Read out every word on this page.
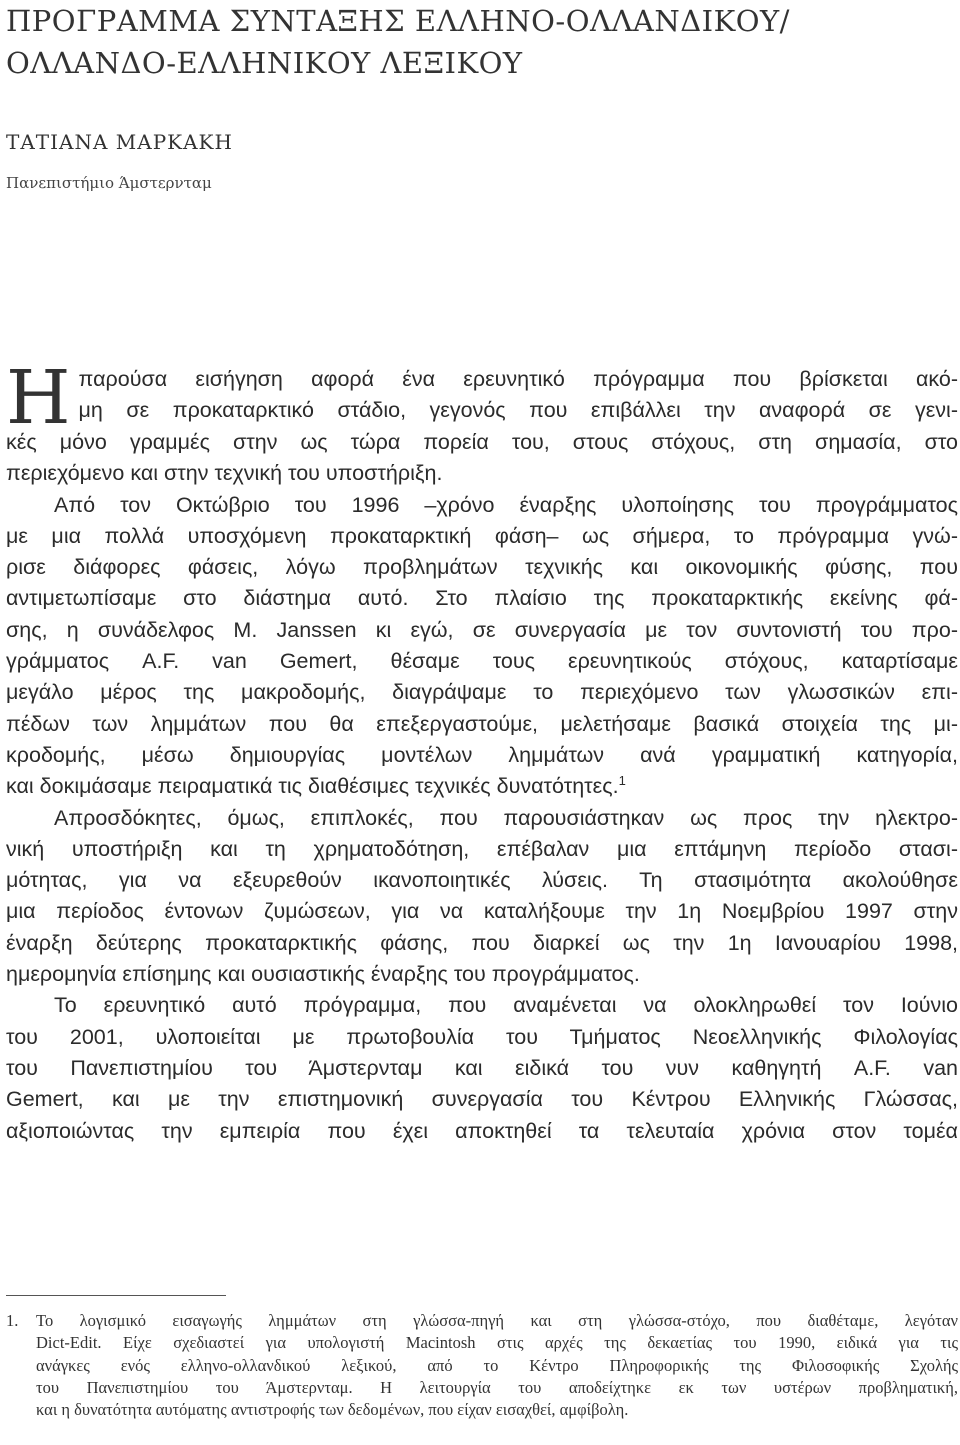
ΠΡΟΓΡΑΜΜΑ ΣΥΝΤΑΞΗΣ ΕΛΛΗΝΟ-ΟΛΛΑΝΔΙΚΟΥ/
ΟΛΛΑΝΔΟ-ΕΛΛΗΝΙΚΟΥ ΛΕΞΙΚΟΥ
ΤΑΤΙΑΝΑ ΜΑΡΚΑΚΗ
Πανεπιστήμιο Άμστερνταμ
Η παρούσα εισήγηση αφορά ένα ερευνητικό πρόγραμμα που βρίσκεται ακό-
μη σε προκαταρκτικό στάδιο, γεγονός που επιβάλλει την αναφορά σε γενι-
κές μόνο γραμμές στην ως τώρα πορεία του, στους στόχους, στη σημασία, στο
περιεχόμενο και στην τεχνική του υποστήριξη.
Από τον Οκτώβριο του 1996 –χρόνο έναρξης υλοποίησης του προγράμματος
με μια πολλά υποσχόμενη προκαταρκτική φάση– ως σήμερα, το πρόγραμμα γνώ-
ρισε διάφορες φάσεις, λόγω προβλημάτων τεχνικής και οικονομικής φύσης, που
αντιμετωπίσαμε στο διάστημα αυτό. Στο πλαίσιο της προκαταρκτικής εκείνης φά-
σης, η συνάδελφος Μ. Janssen κι εγώ, σε συνεργασία με τον συντονιστή του προ-
γράμματος A.F. van Gemert, θέσαμε τους ερευνητικούς στόχους, καταρτίσαμε
μεγάλο μέρος της μακροδομής, διαγράψαμε το περιεχόμενο των γλωσσικών επι-
πέδων των λημμάτων που θα επεξεργαστούμε, μελετήσαμε βασικά στοιχεία της μι-
κροδομής, μέσω δημιουργίας μοντέλων λημμάτων ανά γραμματική κατηγορία,
και δοκιμάσαμε πειραματικά τις διαθέσιμες τεχνικές δυνατότητες.$^1$
Απροσδόκητες, όμως, επιπλοκές, που παρουσιάστηκαν ως προς την ηλεκτρο-
νική υποστήριξη και τη χρηματοδότηση, επέβαλαν μια επτάμηνη περίοδο στασι-
μότητας, για να εξευρεθούν ικανοποιητικές λύσεις. Τη στασιμότητα ακολούθησε
μια περίοδος έντονων ζυμώσεων, για να καταλήξουμε την 1η Νοεμβρίου 1997 στην
έναρξη δεύτερης προκαταρκτικής φάσης, που διαρκεί ως την 1η Ιανουαρίου 1998,
ημερομηνία επίσημης και ουσιαστικής έναρξης του προγράμματος.
Το ερευνητικό αυτό πρόγραμμα, που αναμένεται να ολοκληρωθεί τον Ιούνιο
του 2001, υλοποιείται με πρωτοβουλία του Τμήματος Νεοελληνικής Φιλολογίας
του Πανεπιστημίου του Άμστερνταμ και ειδικά του νυν καθηγητή A.F. van
Gemert, και με την επιστημονική συνεργασία του Κέντρου Ελληνικής Γλώσσας,
αξιοποιώντας την εμπειρία που έχει αποκτηθεί τα τελευταία χρόνια στον τομέα
1. Το λογισμικό εισαγωγής λημμάτων στη γλώσσα-πηγή και στη γλώσσα-στόχο, που διαθέταμε, λεγόταν
Dict-Edit. Είχε σχεδιαστεί για υπολογιστή Macintosh στις αρχές της δεκαετίας του 1990, ειδικά για τις
ανάγκες ενός ελληνο-ολλανδικού λεξικού, από το Κέντρο Πληροφορικής της Φιλοσοφικής Σχολής
του Πανεπιστημίου του Άμστερνταμ. Η λειτουργία του αποδείχτηκε εκ των υστέρων προβληματική,
και η δυνατότητα αυτόματης αντιστροφής των δεδομένων, που είχαν εισαχθεί, αμφίβολη.
